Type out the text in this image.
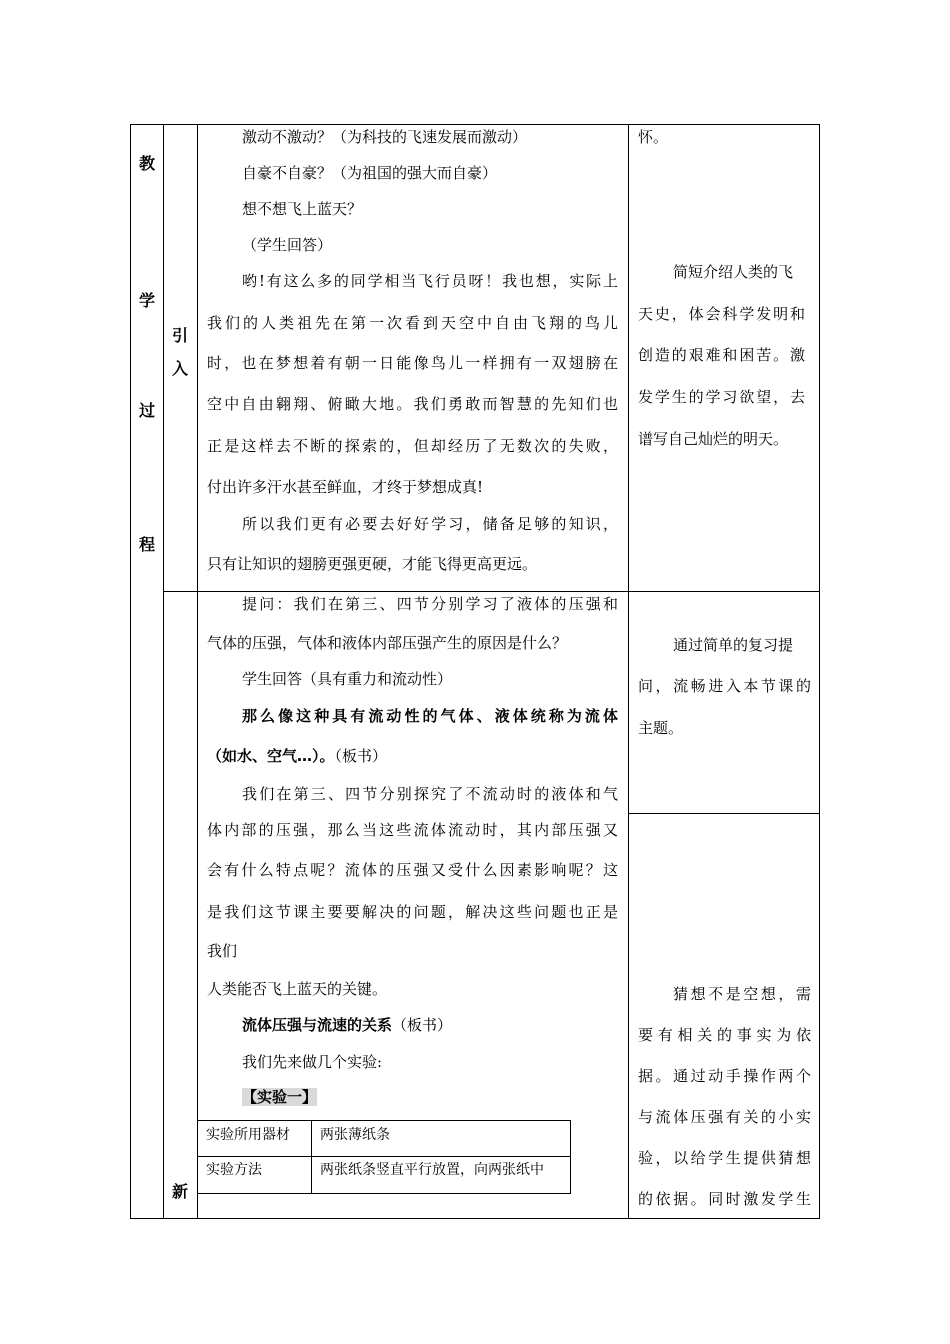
教
学
过
程
引
入
新
激动不激动？（为科技的飞速发展而激动）
自豪不自豪？（为祖国的强大而自豪）
想不想飞上蓝天？
（学生回答）
哟!有这么多的同学相当飞行员呀！我也想，实际上
我们的人类祖先在第一次看到天空中自由飞翔的鸟儿
时，也在梦想着有朝一日能像鸟儿一样拥有一双翅膀在
空中自由翱翔、俯瞰大地。我们勇敢而智慧的先知们也
正是这样去不断的探索的，但却经历了无数次的失败，
付出许多汗水甚至鲜血，才终于梦想成真!
所以我们更有必要去好好学习，储备足够的知识，
只有让知识的翅膀更强更硬，才能飞得更高更远。
怀。
简短介绍人类的飞
天史，体会科学发明和
创造的艰难和困苦。激
发学生的学习欲望，去
谱写自己灿烂的明天。
提问：我们在第三、四节分别学习了液体的压强和
气体的压强，气体和液体内部压强产生的原因是什么？
学生回答（具有重力和流动性）
那么像这种具有流动性的气体、液体统称为流体
（如水、空气…）。（板书）
我们在第三、四节分别探究了不流动时的液体和气
体内部的压强，那么当这些流体流动时，其内部压强又
会有什么特点呢？流体的压强又受什么因素影响呢？这
是我们这节课主要要解决的问题，解决这些问题也正是
我们
人类能否飞上蓝天的关键。
流体压强与流速的关系（板书）
我们先来做几个实验:
【实验一】
实验所用器材 两张薄纸条
实验方法	两张纸条竖直平行放置，向两张纸中
通过简单的复习提
问，流畅进入本节课的
主题。
猜想不是空想，需
要有相关的事实为依
据。通过动手操作两个
与流体压强有关的小实
验，以给学生提供猜想
的依据。同时激发学生
